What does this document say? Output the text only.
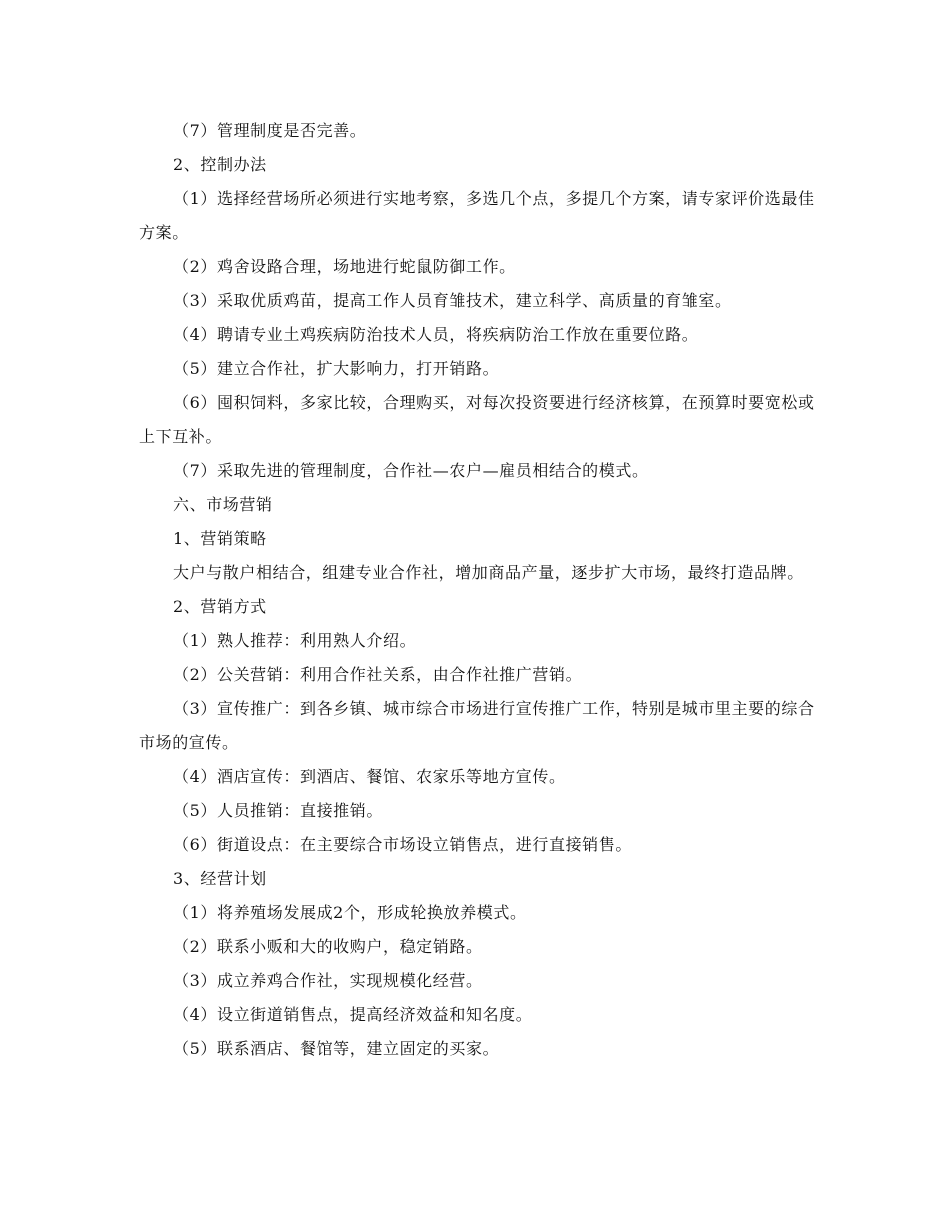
（7）管理制度是否完善。

2、控制办法

（1）选择经营场所必须进行实地考察，多选几个点，多提几个方案，请专家评价选最佳方案。

（2）鸡舍设路合理，场地进行蛇鼠防御工作。

（3）采取优质鸡苗，提高工作人员育雏技术，建立科学、高质量的育雏室。

（4）聘请专业土鸡疾病防治技术人员，将疾病防治工作放在重要位路。

（5）建立合作社，扩大影响力，打开销路。

（6）囤积饲料，多家比较，合理购买，对每次投资要进行经济核算，在预算时要宽松或上下互补。

（7）采取先进的管理制度，合作社—农户—雇员相结合的模式。

六、市场营销

1、营销策略

大户与散户相结合，组建专业合作社，增加商品产量，逐步扩大市场，最终打造品牌。

2、营销方式

（1）熟人推荐：利用熟人介绍。

（2）公关营销：利用合作社关系，由合作社推广营销。

（3）宣传推广：到各乡镇、城市综合市场进行宣传推广工作，特别是城市里主要的综合市场的宣传。

（4）酒店宣传：到酒店、餐馆、农家乐等地方宣传。

（5）人员推销：直接推销。

（6）街道设点：在主要综合市场设立销售点，进行直接销售。

3、经营计划

（1）将养殖场发展成2个，形成轮换放养模式。

（2）联系小贩和大的收购户，稳定销路。

（3）成立养鸡合作社，实现规模化经营。

（4）设立街道销售点，提高经济效益和知名度。

（5）联系酒店、餐馆等，建立固定的买家。
